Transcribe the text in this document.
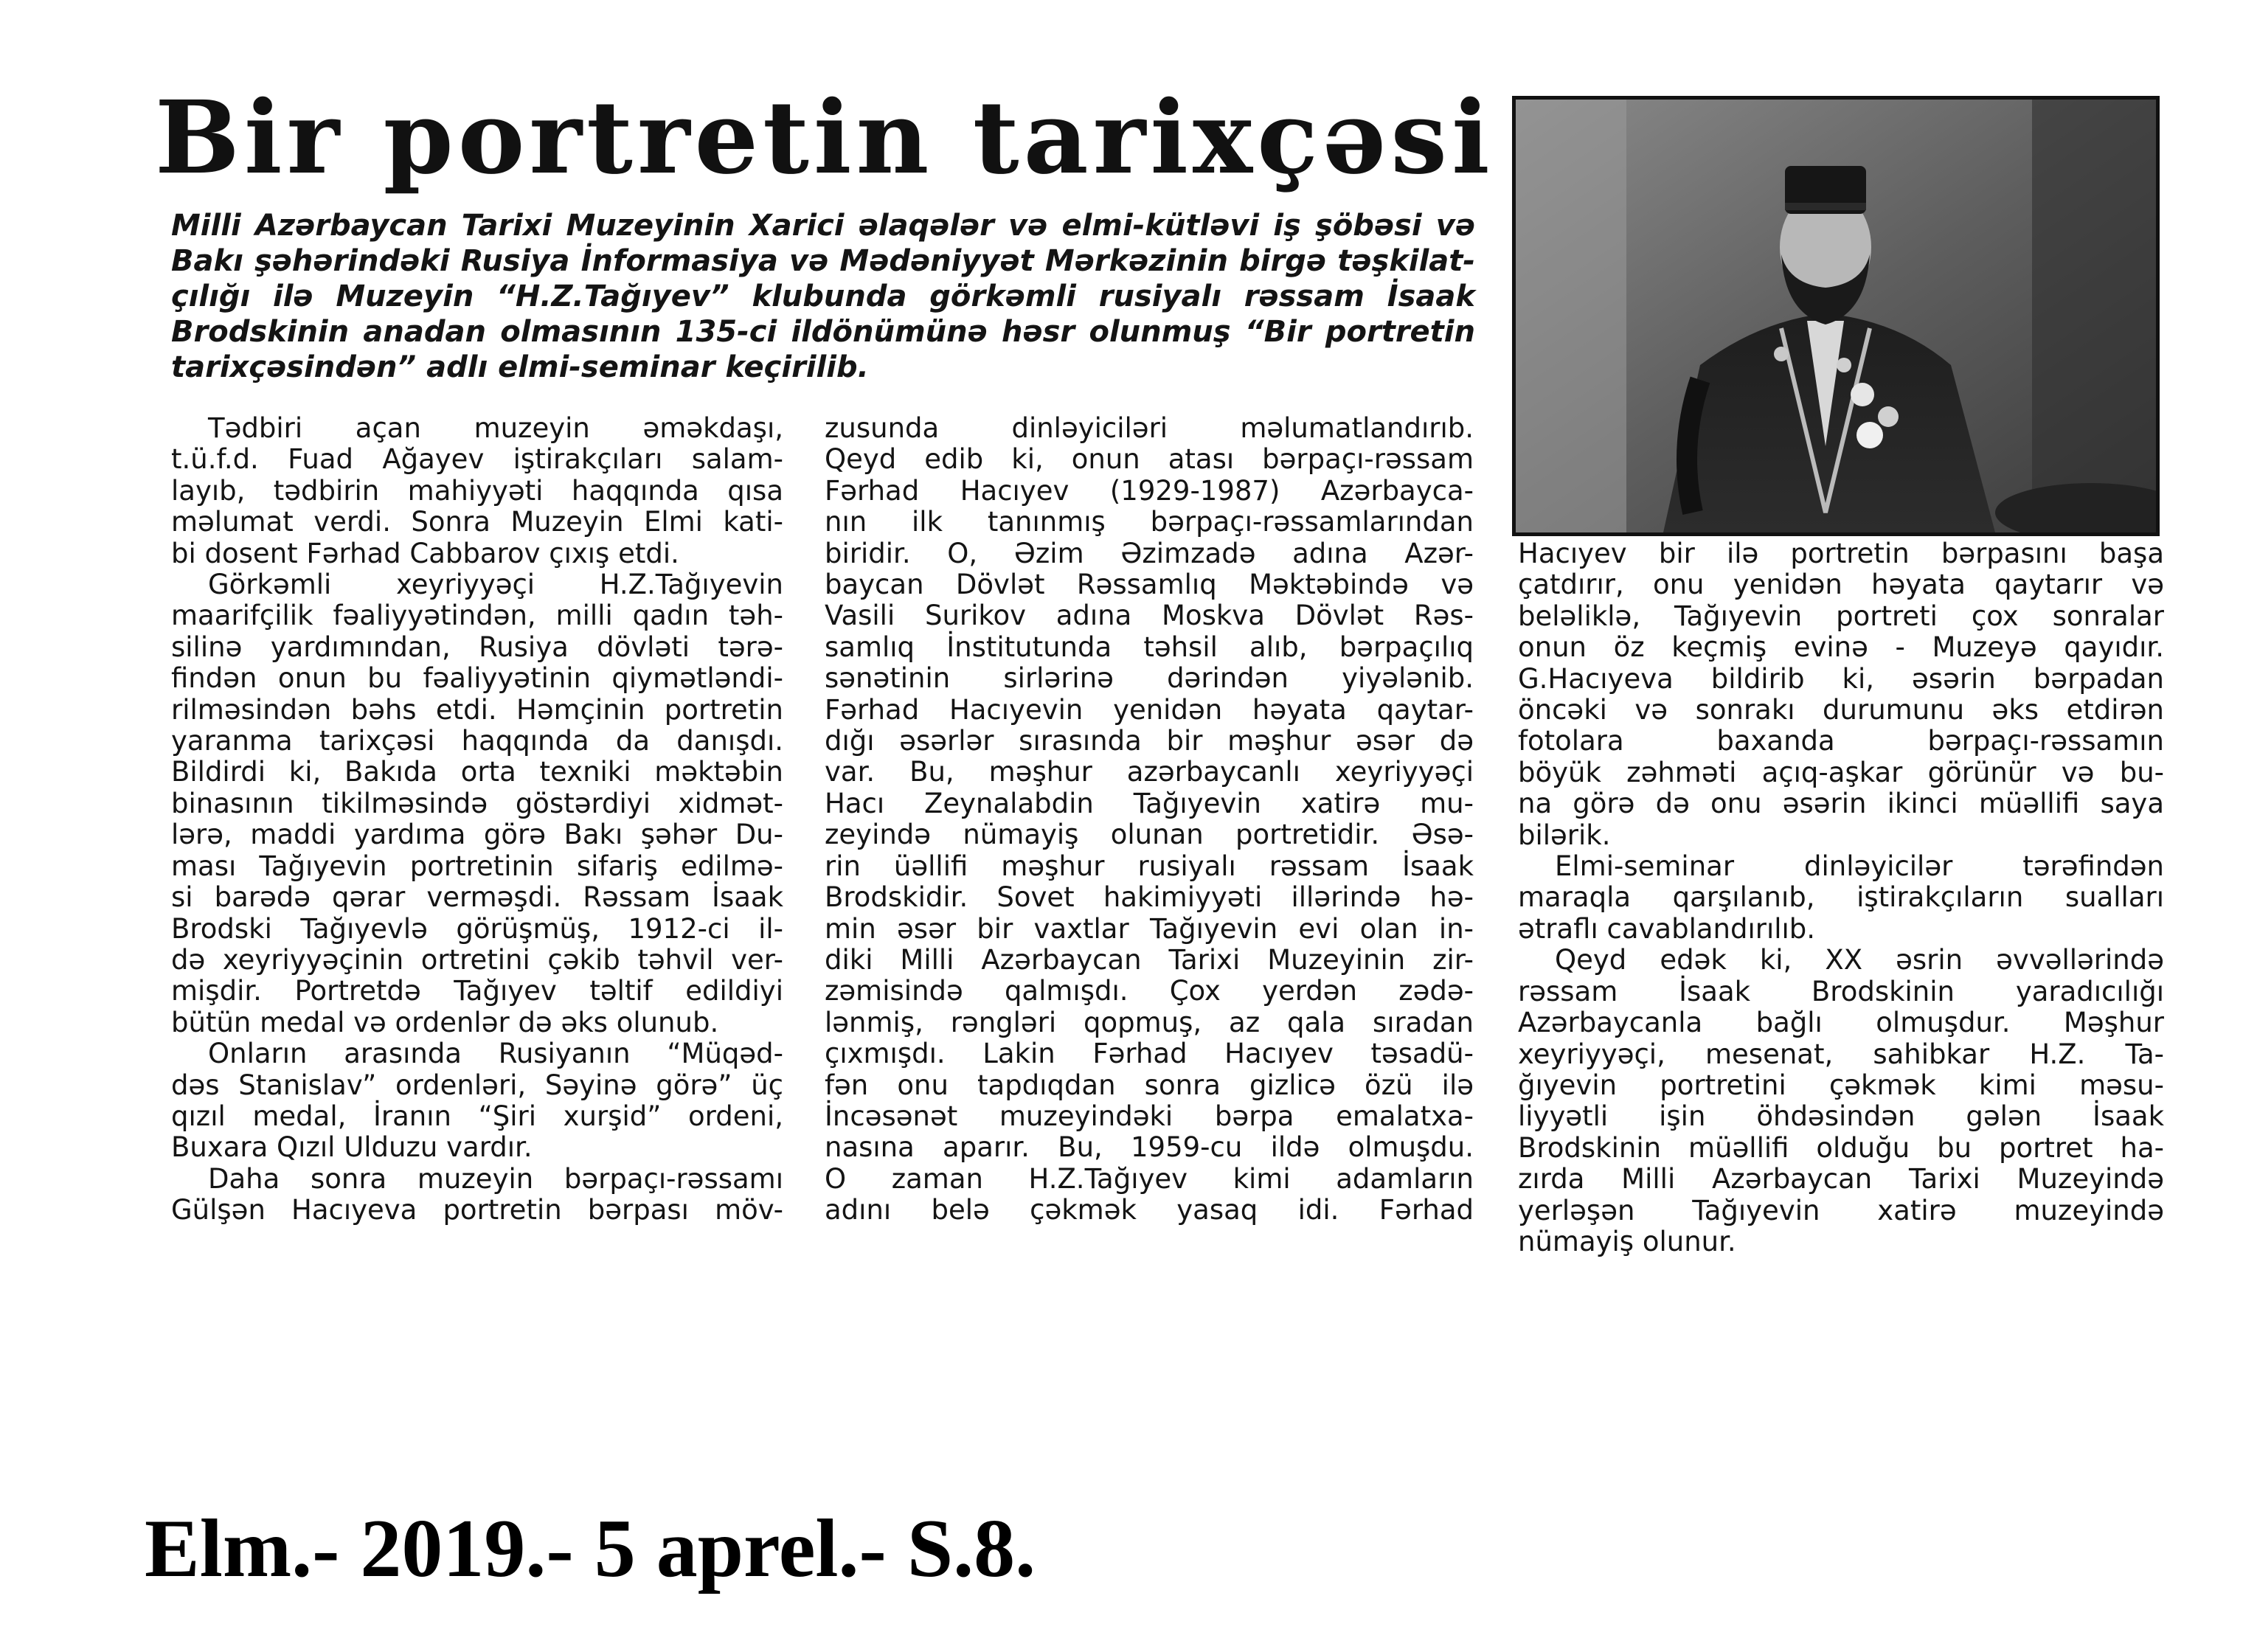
Bir portretin tarixçəsi
Milli Azərbaycan Tarixi Muzeyinin Xarici əlaqələr və elmi-kütləvi iş şöbəsi və
Bakı şəhərindəki Rusiya İnformasiya və Mədəniyyət Mərkəzinin birgə təşkilat-
çılığı ilə Muzeyin “H.Z.Tağıyev” klubunda görkəmli rusiyalı rəssam İsaak
Brodskinin anadan olmasının 135-ci ildönümünə həsr olunmuş “Bir portretin
tarixçəsindən” adlı elmi-seminar keçirilib.
Tədbiri açan muzeyin əməkdaşı,
t.ü.f.d. Fuad Ağayev iştirakçıları salam-
layıb, tədbirin mahiyyəti haqqında qısa
məlumat verdi. Sonra Muzeyin Elmi kati-
bi dosent Fərhad Cabbarov çıxış etdi.
Görkəmli xeyriyyəçi H.Z.Tağıyevin
maarifçilik fəaliyyətindən, milli qadın təh-
silinə yardımından, Rusiya dövləti tərə-
findən onun bu fəaliyyətinin qiymətləndi-
rilməsindən bəhs etdi. Həmçinin portretin
yaranma tarixçəsi haqqında da danışdı.
Bildirdi ki, Bakıda orta texniki məktəbin
binasının tikilməsində göstərdiyi xidmət-
lərə, maddi yardıma görə Bakı şəhər Du-
ması Tağıyevin portretinin sifariş edilmə-
si barədə qərar verməşdi. Rəssam İsaak
Brodski Tağıyevlə görüşmüş, 1912-ci il-
də xeyriyyəçinin ortretini çəkib təhvil ver-
mişdir. Portretdə Tağıyev təltif edildiyi
bütün medal və ordenlər də əks olunub.
Onların arasında Rusiyanın “Müqəd-
dəs Stanislav” ordenləri, Səyinə görə” üç
qızıl medal, İranın “Şiri xurşid” ordeni,
Buxara Qızıl Ulduzu vardır.
Daha sonra muzeyin bərpaçı-rəssamı
Gülşən Hacıyeva portretin bərpası möv-
zusunda dinləyiciləri məlumatlandırıb.
Qeyd edib ki, onun atası bərpaçı-rəssam
Fərhad Hacıyev (1929-1987) Azərbayca-
nın ilk tanınmış bərpaçı-rəssamlarından
biridir. O, Əzim Əzimzadə adına Azər-
baycan Dövlət Rəssamlıq Məktəbində və
Vasili Surikov adına Moskva Dövlət Rəs-
samlıq İnstitutunda təhsil alıb, bərpaçılıq
sənətinin sirlərinə dərindən yiyələnib.
Fərhad Hacıyevin yenidən həyata qaytar-
dığı əsərlər sırasında bir məşhur əsər də
var. Bu, məşhur azərbaycanlı xeyriyyəçi
Hacı Zeynalabdin Tağıyevin xatirə mu-
zeyində nümayiş olunan portretidir. Əsə-
rin üəllifi məşhur rusiyalı rəssam İsaak
Brodskidir. Sovet hakimiyyəti illərində hə-
min əsər bir vaxtlar Tağıyevin evi olan in-
diki Milli Azərbaycan Tarixi Muzeyinin zir-
zəmisində qalmışdı. Çox yerdən zədə-
lənmiş, rəngləri qopmuş, az qala sıradan
çıxmışdı. Lakin Fərhad Hacıyev təsadü-
fən onu tapdıqdan sonra gizlicə özü ilə
İncəsənət muzeyindəki bərpa emalatxa-
nasına aparır. Bu, 1959-cu ildə olmuşdu.
O zaman H.Z.Tağıyev kimi adamların
adını belə çəkmək yasaq idi. Fərhad
Hacıyev bir ilə portretin bərpasını başa
çatdırır, onu yenidən həyata qaytarır və
beləliklə, Tağıyevin portreti çox sonralar
onun öz keçmiş evinə - Muzeyə qayıdır.
G.Hacıyeva bildirib ki, əsərin bərpadan
öncəki və sonrakı durumunu əks etdirən
fotolara baxanda bərpaçı-rəssamın
böyük zəhməti açıq-aşkar görünür və bu-
na görə də onu əsərin ikinci müəllifi saya
bilərik.
Elmi-seminar dinləyicilər tərəfindən
maraqla qarşılanıb, iştirakçıların sualları
ətraflı cavablandırılıb.
Qeyd edək ki, XX əsrin əvvəllərində
rəssam İsaak Brodskinin yaradıcılığı
Azərbaycanla bağlı olmuşdur. Məşhur
xeyriyyəçi, mesenat, sahibkar H.Z. Ta-
ğıyevin portretini çəkmək kimi məsu-
liyyətli işin öhdəsindən gələn İsaak
Brodskinin müəllifi olduğu bu portret ha-
zırda Milli Azərbaycan Tarixi Muzeyində
yerləşən Tağıyevin xatirə muzeyində
nümayiş olunur.
Elm.- 2019.- 5 aprel.- S.8.
